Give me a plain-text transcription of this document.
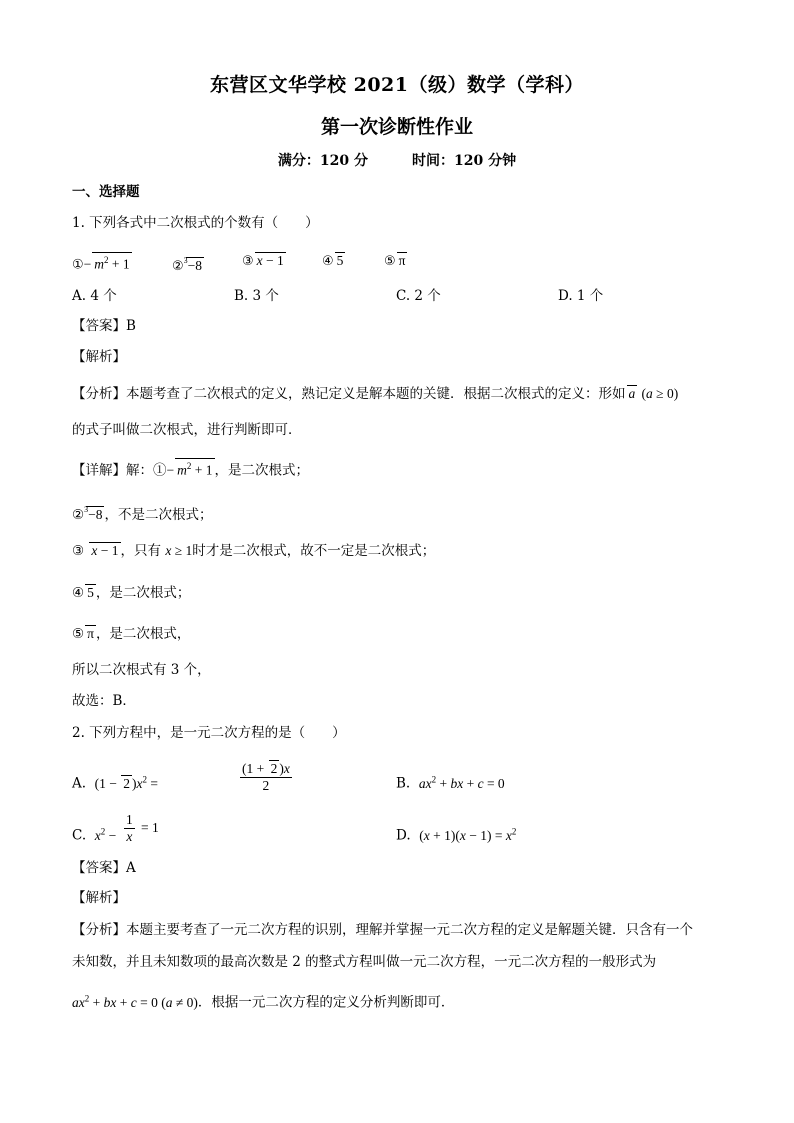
东营区文华学校 2021（级）数学（学科）
第一次诊断性作业
满分：120 分	时间：120 分钟
一、选择题
1. 下列各式中二次根式的个数有（　　）
①− $m^2 + 1$	②$^3$−8	③ x − 1	④ 5	⑤ π
A. 4 个	B. 3 个	C. 2 个	D. 1 个
【答案】B
【解析】
【分析】本题考查了二次根式的定义，熟记定义是解本题的关键．根据二次根式的定义：形如 a (a ≥ 0)
的式子叫做二次根式，进行判断即可．
【详解】解：①− $m^2 + 1$ ，是二次根式；
②$^3$−8 ，不是二次根式；
③ x − 1 ，只有 x ≥ 1时才是二次根式，故不一定是二次根式；
④ 5 ，是二次根式；
⑤ π ，是二次根式，
所以二次根式有 3 个，
故选：B．
2. 下列方程中，是一元二次方程的是（　　）
A. (1 − 2 )$x^2$ =	$\frac{(1 + 2 )x}{2}$	B. $ax^2$ + bx + c = 0
C. $x^2 - \frac{1}{x} = 1$	D. $(x + 1)(x - 1) = x^2$
【答案】A
【解析】
【分析】本题主要考查了一元二次方程的识别，理解并掌握一元二次方程的定义是解题关键．只含有一个
未知数，并且未知数项的最高次数是 2 的整式方程叫做一元二次方程，一元二次方程的一般形式为
$ax^2$ + bx + c = 0 (a ≠ 0)．根据一元二次方程的定义分析判断即可．
